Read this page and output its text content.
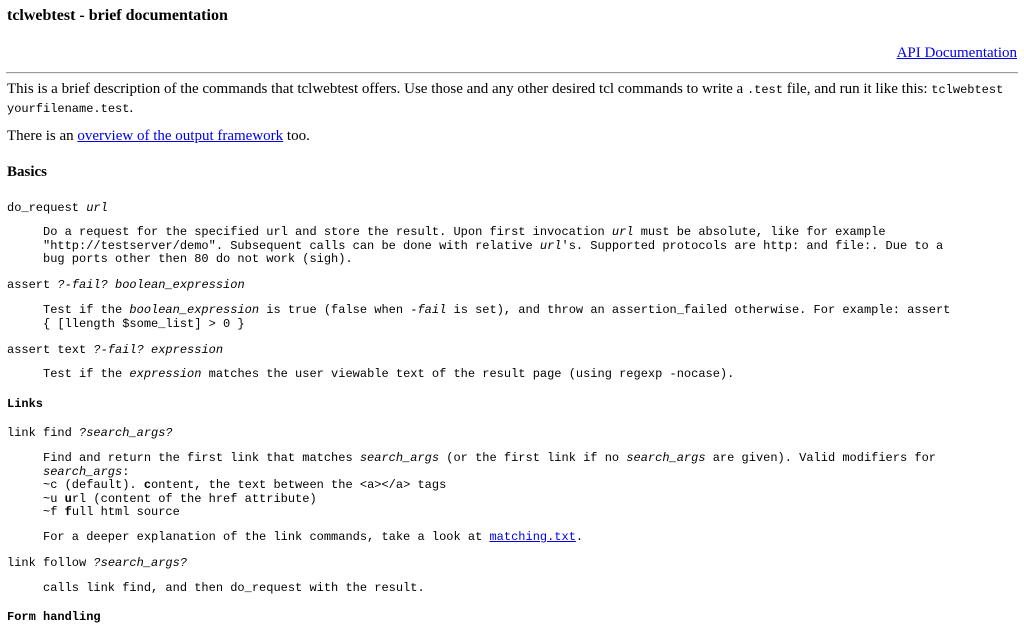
tclwebtest - brief documentation
API Documentation

This is a brief description of the commands that tclwebtest offers. Use those and any other desired tcl commands to write a .test file, and run it like this: tclwebtest yourfilename.test.

There is an overview of the output framework too.

Basics

do_request url

Do a request for the specified url and store the result. Upon first invocation url must be absolute, like for example "http://testserver/demo". Subsequent calls can be done with relative url's. Supported protocols are http: and file:. Due to a bug ports other then 80 do not work (sigh).

assert ?-fail? boolean_expression

Test if the boolean_expression is true (false when -fail is set), and throw an assertion_failed otherwise. For example: assert { [llength $some_list] > 0 }

assert text ?-fail? expression

Test if the expression matches the user viewable text of the result page (using regexp -nocase).

Links

link find ?search_args?

Find and return the first link that matches search_args (or the first link if no search_args are given). Valid modifiers for search_args:
~c (default). content, the text between the <a></a> tags
~u url (content of the href attribute)
~f full html source

For a deeper explanation of the link commands, take a look at matching.txt.

link follow ?search_args?

calls link find, and then do_request with the result.

Form handling
